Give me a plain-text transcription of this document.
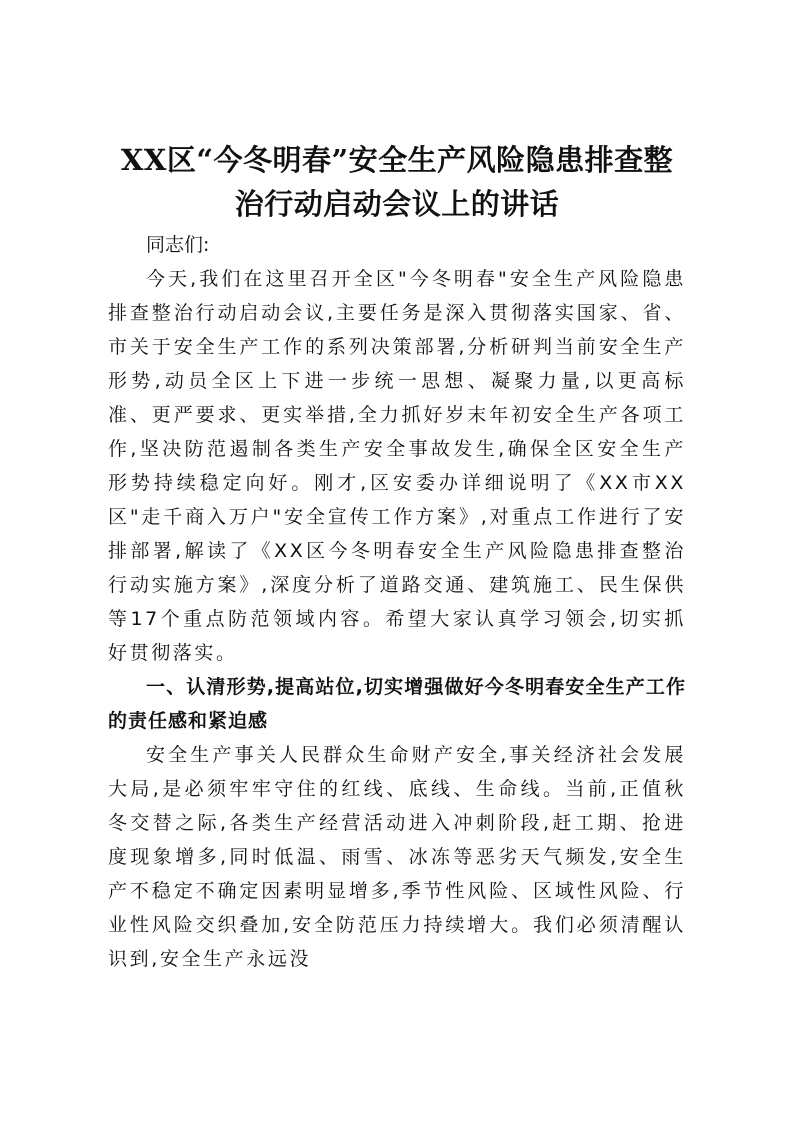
XX区“今冬明春”安全生产风险隐患排查整
治行动启动会议上的讲话

同志们:

今天,我们在这里召开全区"今冬明春"安全生产风险隐患排查整治行动启动会议,主要任务是深入贯彻落实国家、省、市关于安全生产工作的系列决策部署,分析研判当前安全生产形势,动员全区上下进一步统一思想、凝聚力量,以更高标准、更严要求、更实举措,全力抓好岁末年初安全生产各项工作,坚决防范遏制各类生产安全事故发生,确保全区安全生产形势持续稳定向好。刚才,区安委办详细说明了《XX市XX区"走千商入万户"安全宣传工作方案》,对重点工作进行了安排部署,解读了《XX区今冬明春安全生产风险隐患排查整治行动实施方案》,深度分析了道路交通、建筑施工、民生保供等17个重点防范领域内容。希望大家认真学习领会,切实抓好贯彻落实。

一、认清形势,提高站位,切实增强做好今冬明春安全生产工作的责任感和紧迫感

安全生产事关人民群众生命财产安全,事关经济社会发展大局,是必须牢牢守住的红线、底线、生命线。当前,正值秋冬交替之际,各类生产经营活动进入冲刺阶段,赶工期、抢进度现象增多,同时低温、雨雪、冰冻等恶劣天气频发,安全生产不稳定不确定因素明显增多,季节性风险、区域性风险、行业性风险交织叠加,安全防范压力持续增大。我们必须清醒认识到,安全生产永远没
